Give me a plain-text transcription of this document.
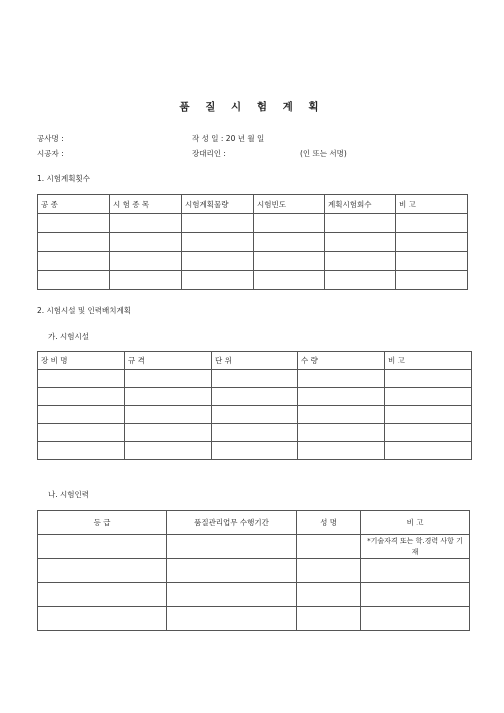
품 질 시 험 계 획
공사명 :	작 성 일 : 20 년 월 일
시공자 :	장대리인 :	(인 또는 서명)
1. 시험계획횟수
공 종	시 험 종 목	시험계획물량	시험빈도	계획시험회수	비 고

2. 시험시설 및 인력배치계획
가. 시험시설
장 비 명	규 격	단 위	수 량	비 고

나. 시험인력
등 급	품질관리업무 수행기간	성 명	비 고
			*기술자격 또는 학.경력 사항 기재
